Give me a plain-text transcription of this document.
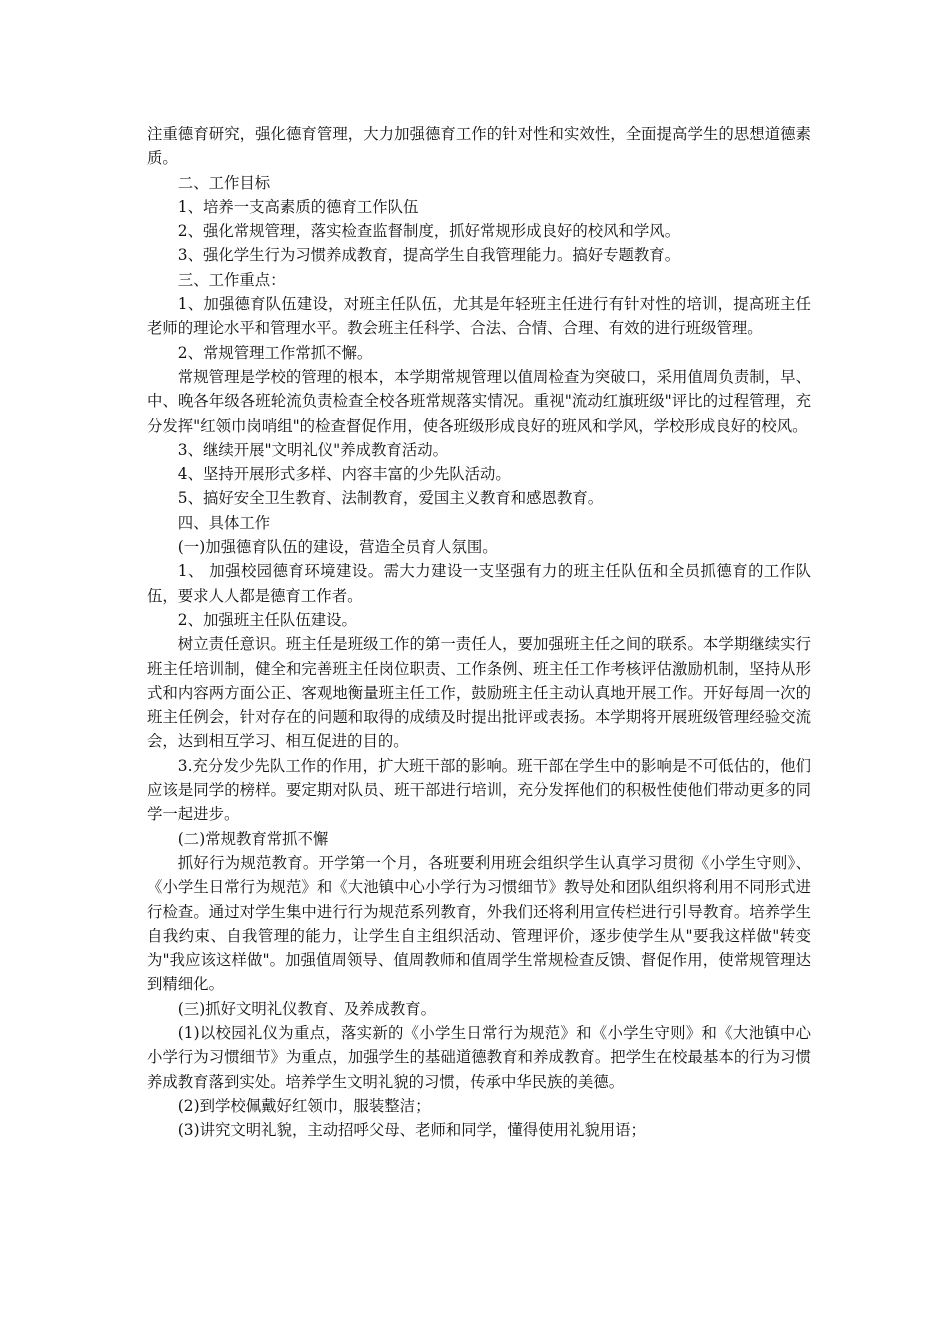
注重德育研究，强化德育管理，大力加强德育工作的针对性和实效性，全面提高学生的思想道德素质。

二、工作目标

1、培养一支高素质的德育工作队伍

2、强化常规管理，落实检查监督制度，抓好常规形成良好的校风和学风。

3、强化学生行为习惯养成教育，提高学生自我管理能力。搞好专题教育。

三、工作重点：

1、加强德育队伍建设，对班主任队伍，尤其是年轻班主任进行有针对性的培训，提高班主任老师的理论水平和管理水平。教会班主任科学、合法、合情、合理、有效的进行班级管理。

2、常规管理工作常抓不懈。

常规管理是学校的管理的根本，本学期常规管理以值周检查为突破口，采用值周负责制，早、中、晚各年级各班轮流负责检查全校各班常规落实情况。重视"流动红旗班级"评比的过程管理，充分发挥"红领巾岗哨组"的检查督促作用，使各班级形成良好的班风和学风，学校形成良好的校风。

3、继续开展"文明礼仪"养成教育活动。

4、坚持开展形式多样、内容丰富的少先队活动。

5、搞好安全卫生教育、法制教育，爱国主义教育和感恩教育。

四、具体工作

(一)加强德育队伍的建设，营造全员育人氛围。

1、 加强校园德育环境建设。需大力建设一支坚强有力的班主任队伍和全员抓德育的工作队伍，要求人人都是德育工作者。

2、加强班主任队伍建设。

树立责任意识。班主任是班级工作的第一责任人，要加强班主任之间的联系。本学期继续实行班主任培训制，健全和完善班主任岗位职责、工作条例、班主任工作考核评估激励机制，坚持从形式和内容两方面公正、客观地衡量班主任工作，鼓励班主任主动认真地开展工作。开好每周一次的班主任例会，针对存在的问题和取得的成绩及时提出批评或表扬。本学期将开展班级管理经验交流会，达到相互学习、相互促进的目的。

3.充分发少先队工作的作用，扩大班干部的影响。班干部在学生中的影响是不可低估的，他们应该是同学的榜样。要定期对队员、班干部进行培训，充分发挥他们的积极性使他们带动更多的同学一起进步。

(二)常规教育常抓不懈

抓好行为规范教育。开学第一个月，各班要利用班会组织学生认真学习贯彻《小学生守则》、《小学生日常行为规范》和《大池镇中心小学行为习惯细节》教导处和团队组织将利用不同形式进行检查。通过对学生集中进行行为规范系列教育，外我们还将利用宣传栏进行引导教育。培养学生自我约束、自我管理的能力，让学生自主组织活动、管理评价，逐步使学生从"要我这样做"转变为"我应该这样做"。加强值周领导、值周教师和值周学生常规检查反馈、督促作用，使常规管理达到精细化。

(三)抓好文明礼仪教育、及养成教育。

(1)以校园礼仪为重点，落实新的《小学生日常行为规范》和《小学生守则》和《大池镇中心小学行为习惯细节》为重点，加强学生的基础道德教育和养成教育。把学生在校最基本的行为习惯养成教育落到实处。培养学生文明礼貌的习惯，传承中华民族的美德。

(2)到学校佩戴好红领巾，服装整洁；

(3)讲究文明礼貌，主动招呼父母、老师和同学，懂得使用礼貌用语；
